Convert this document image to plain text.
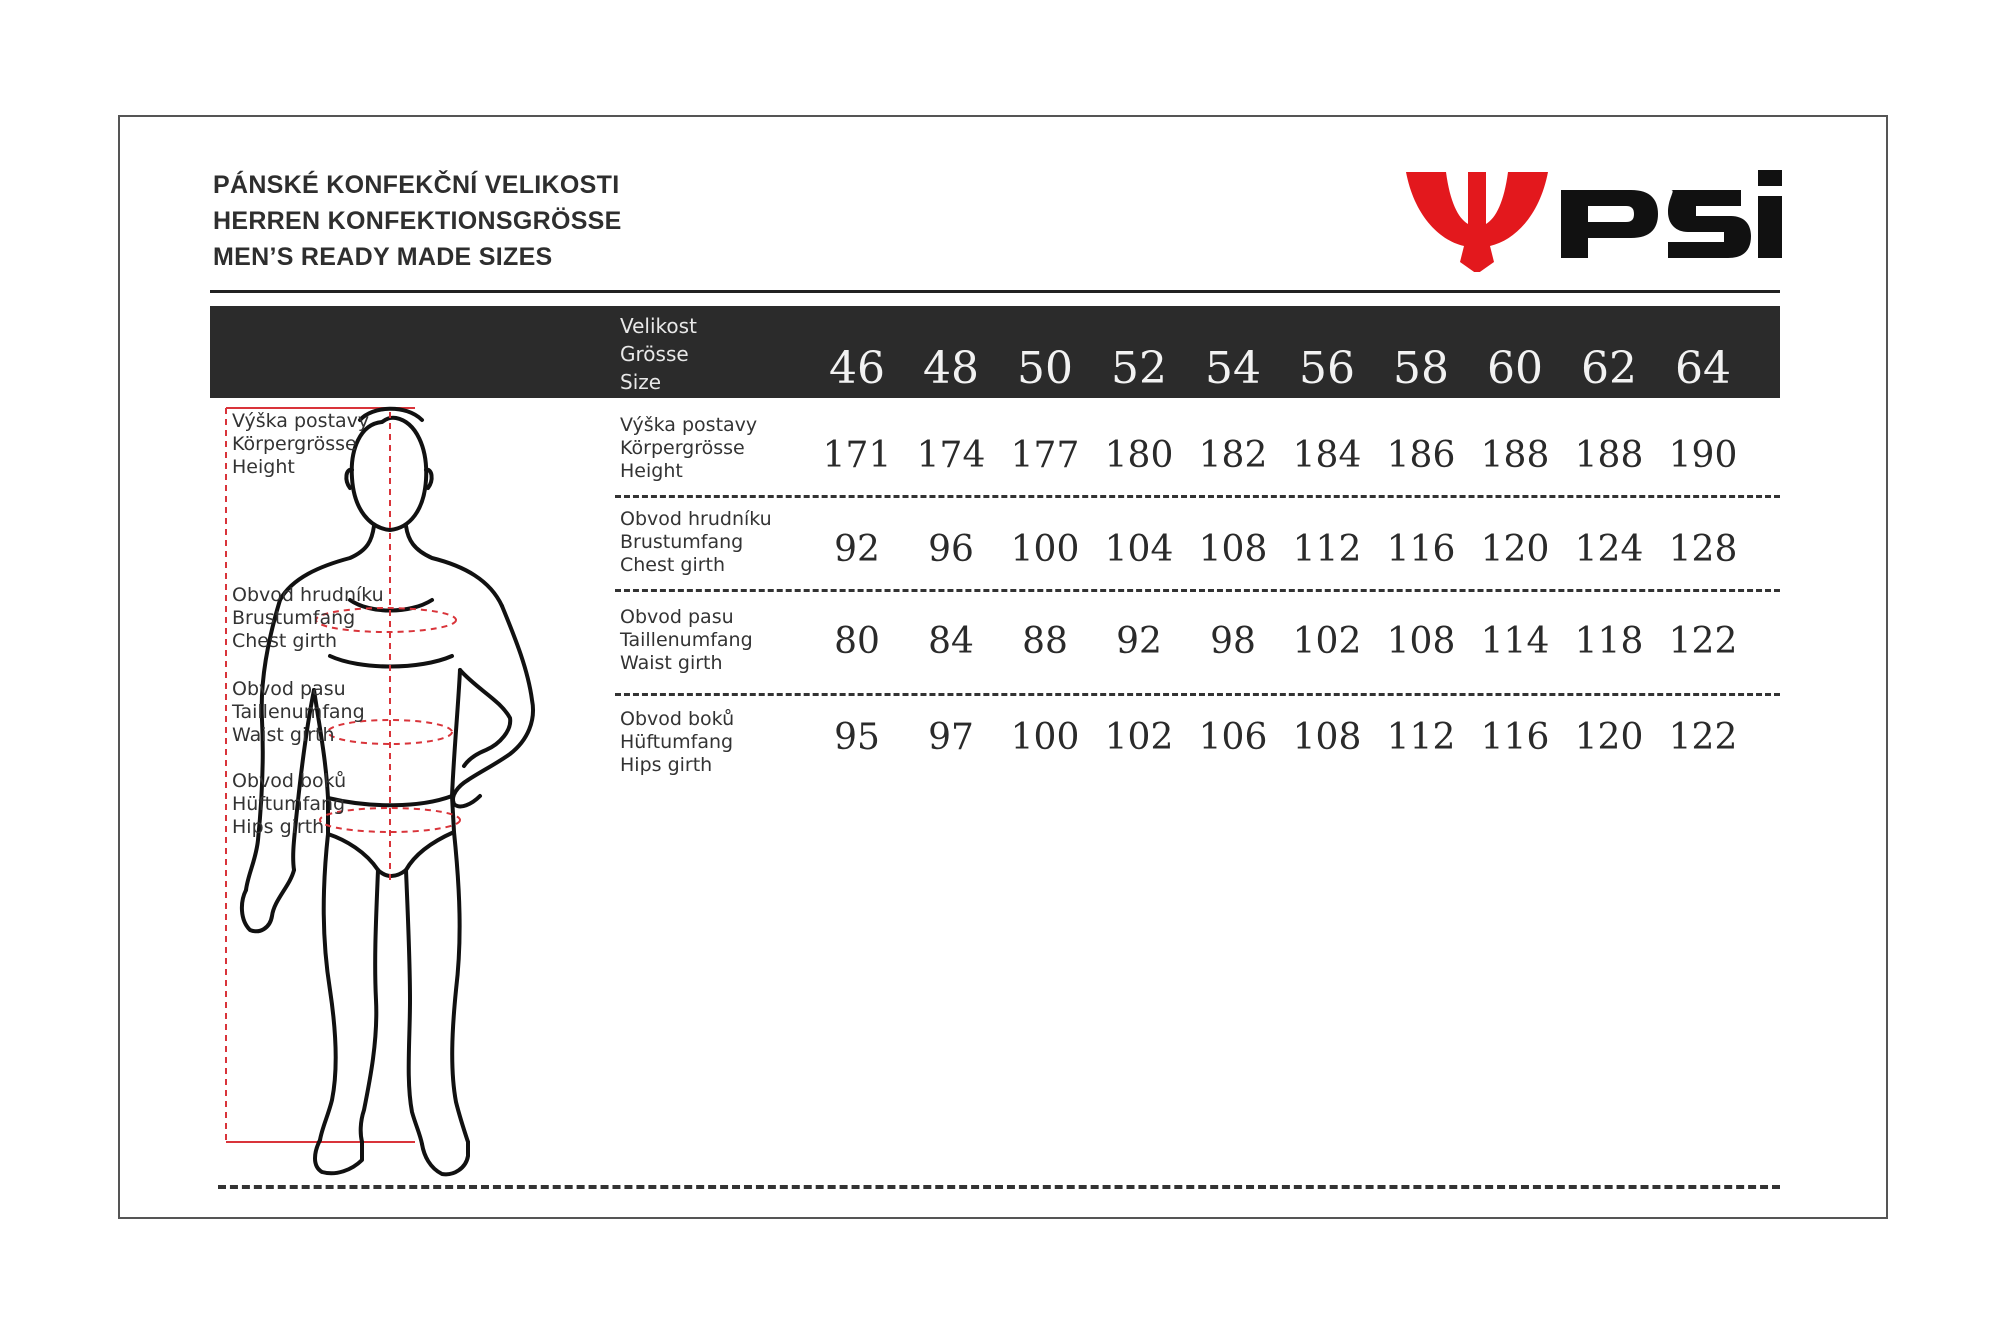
PÁNSKÉ KONFEKČNÍ VELIKOSTI
HERREN KONFEKTIONSGRÖSSE
MEN’S READY MADE SIZES
Velikost
Grösse
Size	46 48 50 52 54 56 58 60 62 64
Výška postavy
Körpergrösse
Height	171 174 177 180 182 184 186 188 188 190
Obvod hrudníku
Brustumfang
Chest girth	92	96	100 104 108 112 116 120 124 128
Obvod pasu
Taillenumfang
Waist girth
80	84	88	92	98	102 108 114 118 122
Obvod boků
Hüftumfang
Hips girth
95	97	100 102 106 108 112 116 120 122
Výška postavy
Körpergrösse
Height
Obvod hrudníku
Brustumfang
Chest girth
Obvod pasu
Taillenumfang
Waist girth
Obvod boků
Hüftumfang
Hips girth
